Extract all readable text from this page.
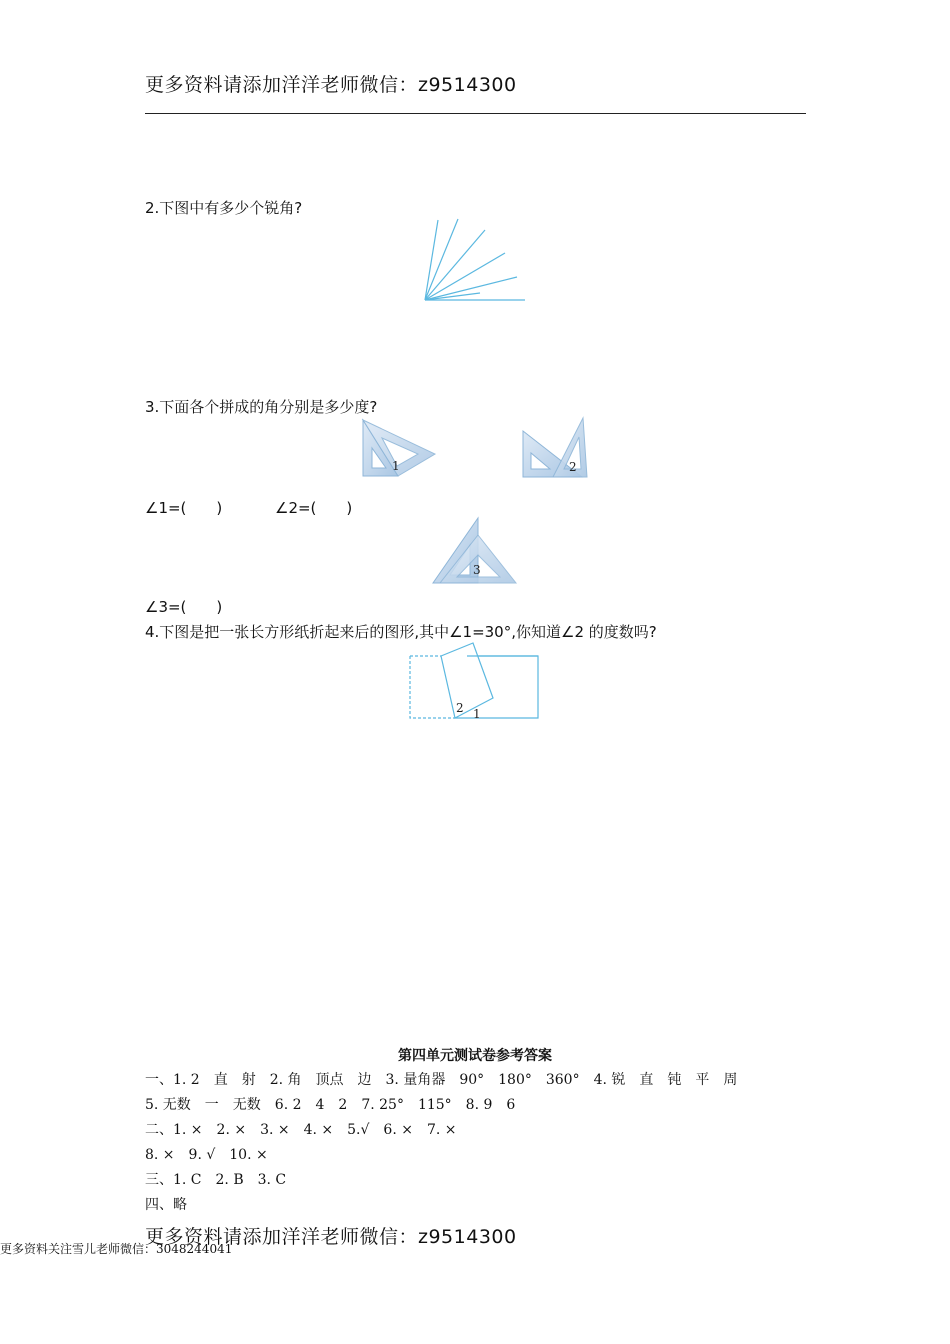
更多资料请添加洋洋老师微信：z9514300
2.下图中有多少个锐角?
3.下面各个拼成的角分别是多少度?
1	2
∠1=(　　)	∠2=(　　)
3
∠3=(　　)
4.下图是把一张长方形纸折起来后的图形,其中∠1=30°,你知道∠2 的度数吗?
2 1
第四单元测试卷参考答案
一、1. 2　直　射　2. 角　顶点　边　3. 量角器　90°　180°　360°　4. 锐　直　钝　平　周
5. 无数　一　无数　6. 2　4　2　7. 25°　115°　8. 9　6
二、1. ×　2. ×　3. ×　4. ×　5.√　6. ×　7. ×
8. ×　9. √　10. ×
三、1. C　2. B　3. C
四、略
更多资料请添加洋洋老师微信：z9514300
更多资料关注雪儿老师微信：3048244041
